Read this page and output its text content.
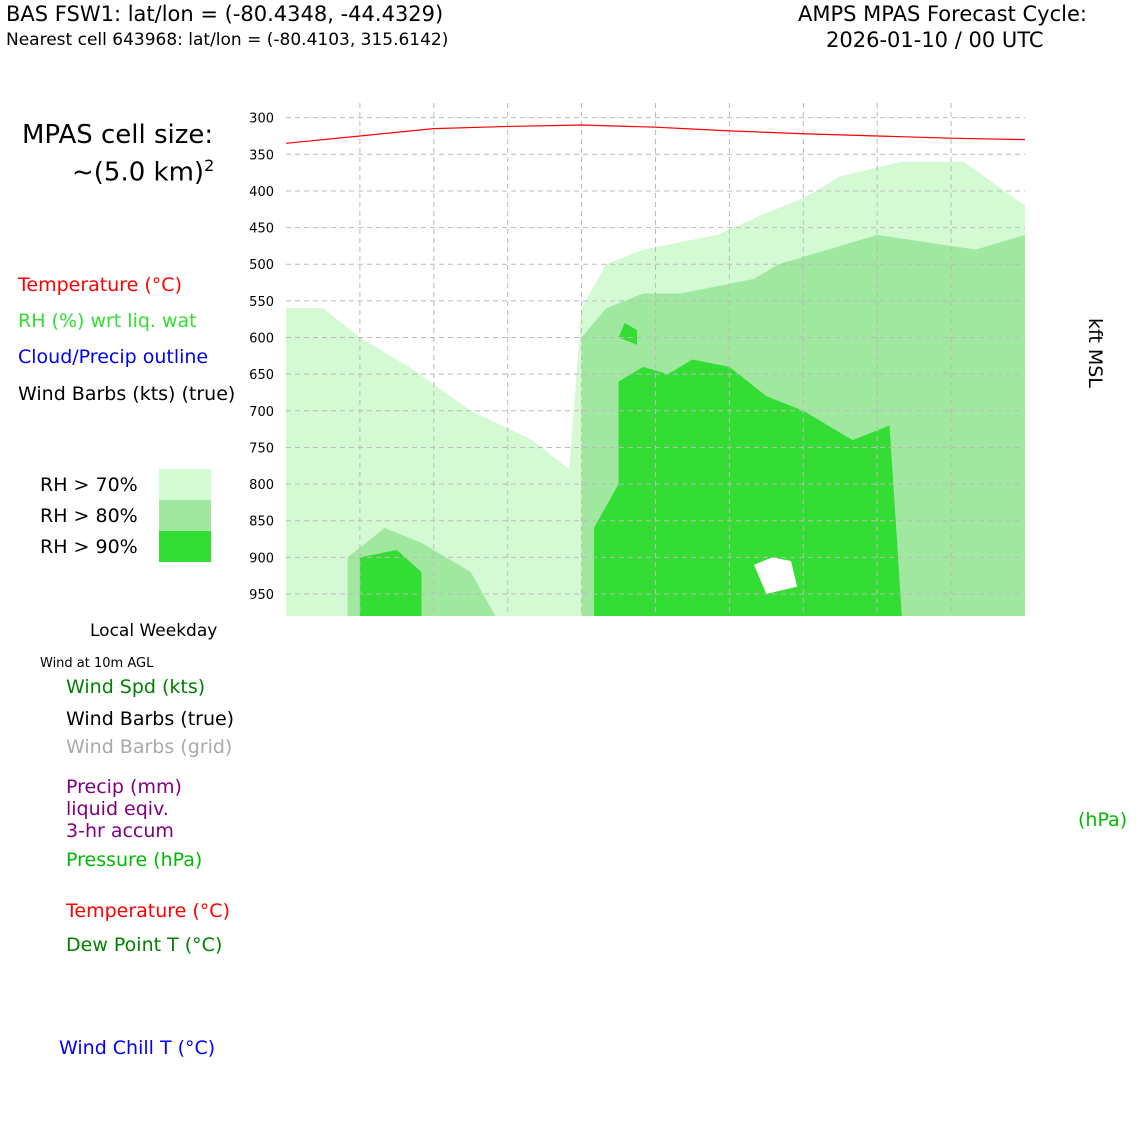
BAS FSW1: lat/lon = (-80.4348, -44.4329)
Nearest cell 643968: lat/lon = (-80.4103, 315.6142)
AMPS MPAS Forecast Cycle:
2026-01-10 / 00 UTC
MPAS cell size:
~(5.0 km)$^2$
Temperature (°C)
RH (%) wrt liq. wat
Cloud/Precip outline
Wind Barbs (kts) (true)
RH > 70%
RH > 80%
RH > 90%
Local Weekday
Wind at 10m AGL
Wind Spd (kts)
Wind Barbs (true)
Wind Barbs (grid)
Precip (mm)
liquid eqiv.
3-hr accum
Pressure (hPa)
(hPa)
Temperature (°C)
Dew Point T (°C)
Wind Chill T (°C)
kft MSL
300
350
400
450
500
550
600
650
700
750
800
850
900
950
